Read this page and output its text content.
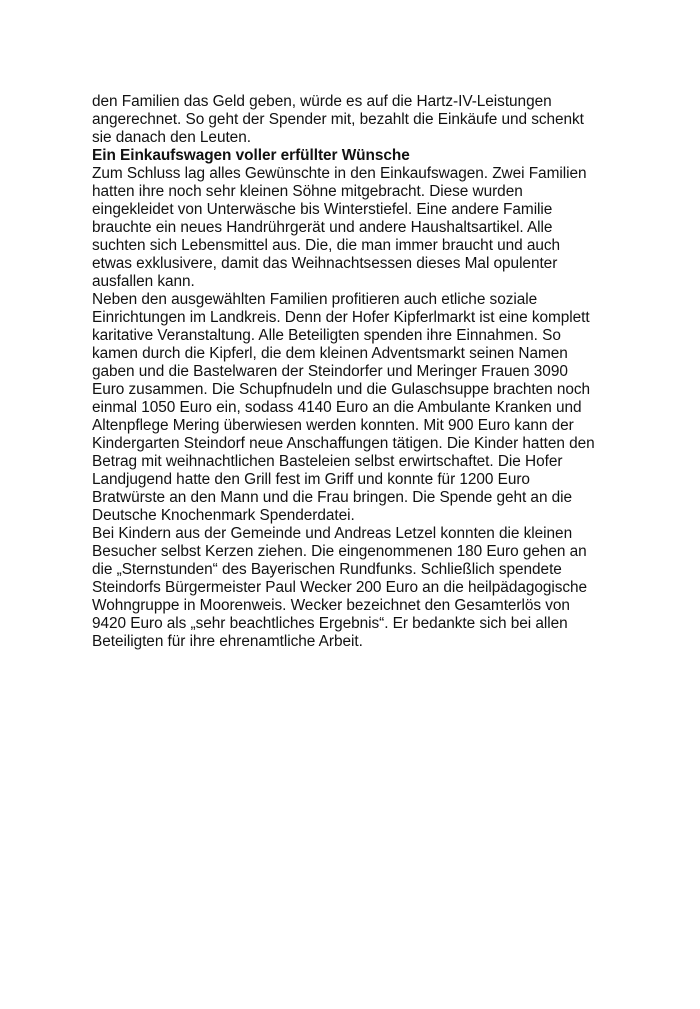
den Familien das Geld geben, würde es auf die Hartz-IV-Leistungen
angerechnet. So geht der Spender mit, bezahlt die Einkäufe und schenkt
sie danach den Leuten.

Ein Einkaufswagen voller erfüllter Wünsche

Zum Schluss lag alles Gewünschte in den Einkaufswagen. Zwei Familien
hatten ihre noch sehr kleinen Söhne mitgebracht. Diese wurden
eingekleidet von Unterwäsche bis Winterstiefel. Eine andere Familie
brauchte ein neues Handrührgerät und andere Haushaltsartikel. Alle
suchten sich Lebensmittel aus. Die, die man immer braucht und auch
etwas exklusivere, damit das Weihnachtsessen dieses Mal opulenter
ausfallen kann.

Neben den ausgewählten Familien profitieren auch etliche soziale
Einrichtungen im Landkreis. Denn der Hofer Kipferlmarkt ist eine komplett
karitative Veranstaltung. Alle Beteiligten spenden ihre Einnahmen. So
kamen durch die Kipferl, die dem kleinen Adventsmarkt seinen Namen
gaben und die Bastelwaren der Steindorfer und Meringer Frauen 3090
Euro zusammen. Die Schupfnudeln und die Gulaschsuppe brachten noch
einmal 1050 Euro ein, sodass 4140 Euro an die Ambulante Kranken und
Altenpflege Mering überwiesen werden konnten. Mit 900 Euro kann der
Kindergarten Steindorf neue Anschaffungen tätigen. Die Kinder hatten den
Betrag mit weihnachtlichen Basteleien selbst erwirtschaftet. Die Hofer
Landjugend hatte den Grill fest im Griff und konnte für 1200 Euro
Bratwürste an den Mann und die Frau bringen. Die Spende geht an die
Deutsche Knochenmark Spenderdatei.

Bei Kindern aus der Gemeinde und Andreas Letzel konnten die kleinen
Besucher selbst Kerzen ziehen. Die eingenommenen 180 Euro gehen an
die „Sternstunden“ des Bayerischen Rundfunks. Schließlich spendete
Steindorfs Bürgermeister Paul Wecker 200 Euro an die heilpädagogische
Wohngruppe in Moorenweis. Wecker bezeichnet den Gesamterlös von
9420 Euro als „sehr beachtliches Ergebnis“. Er bedankte sich bei allen
Beteiligten für ihre ehrenamtliche Arbeit.
